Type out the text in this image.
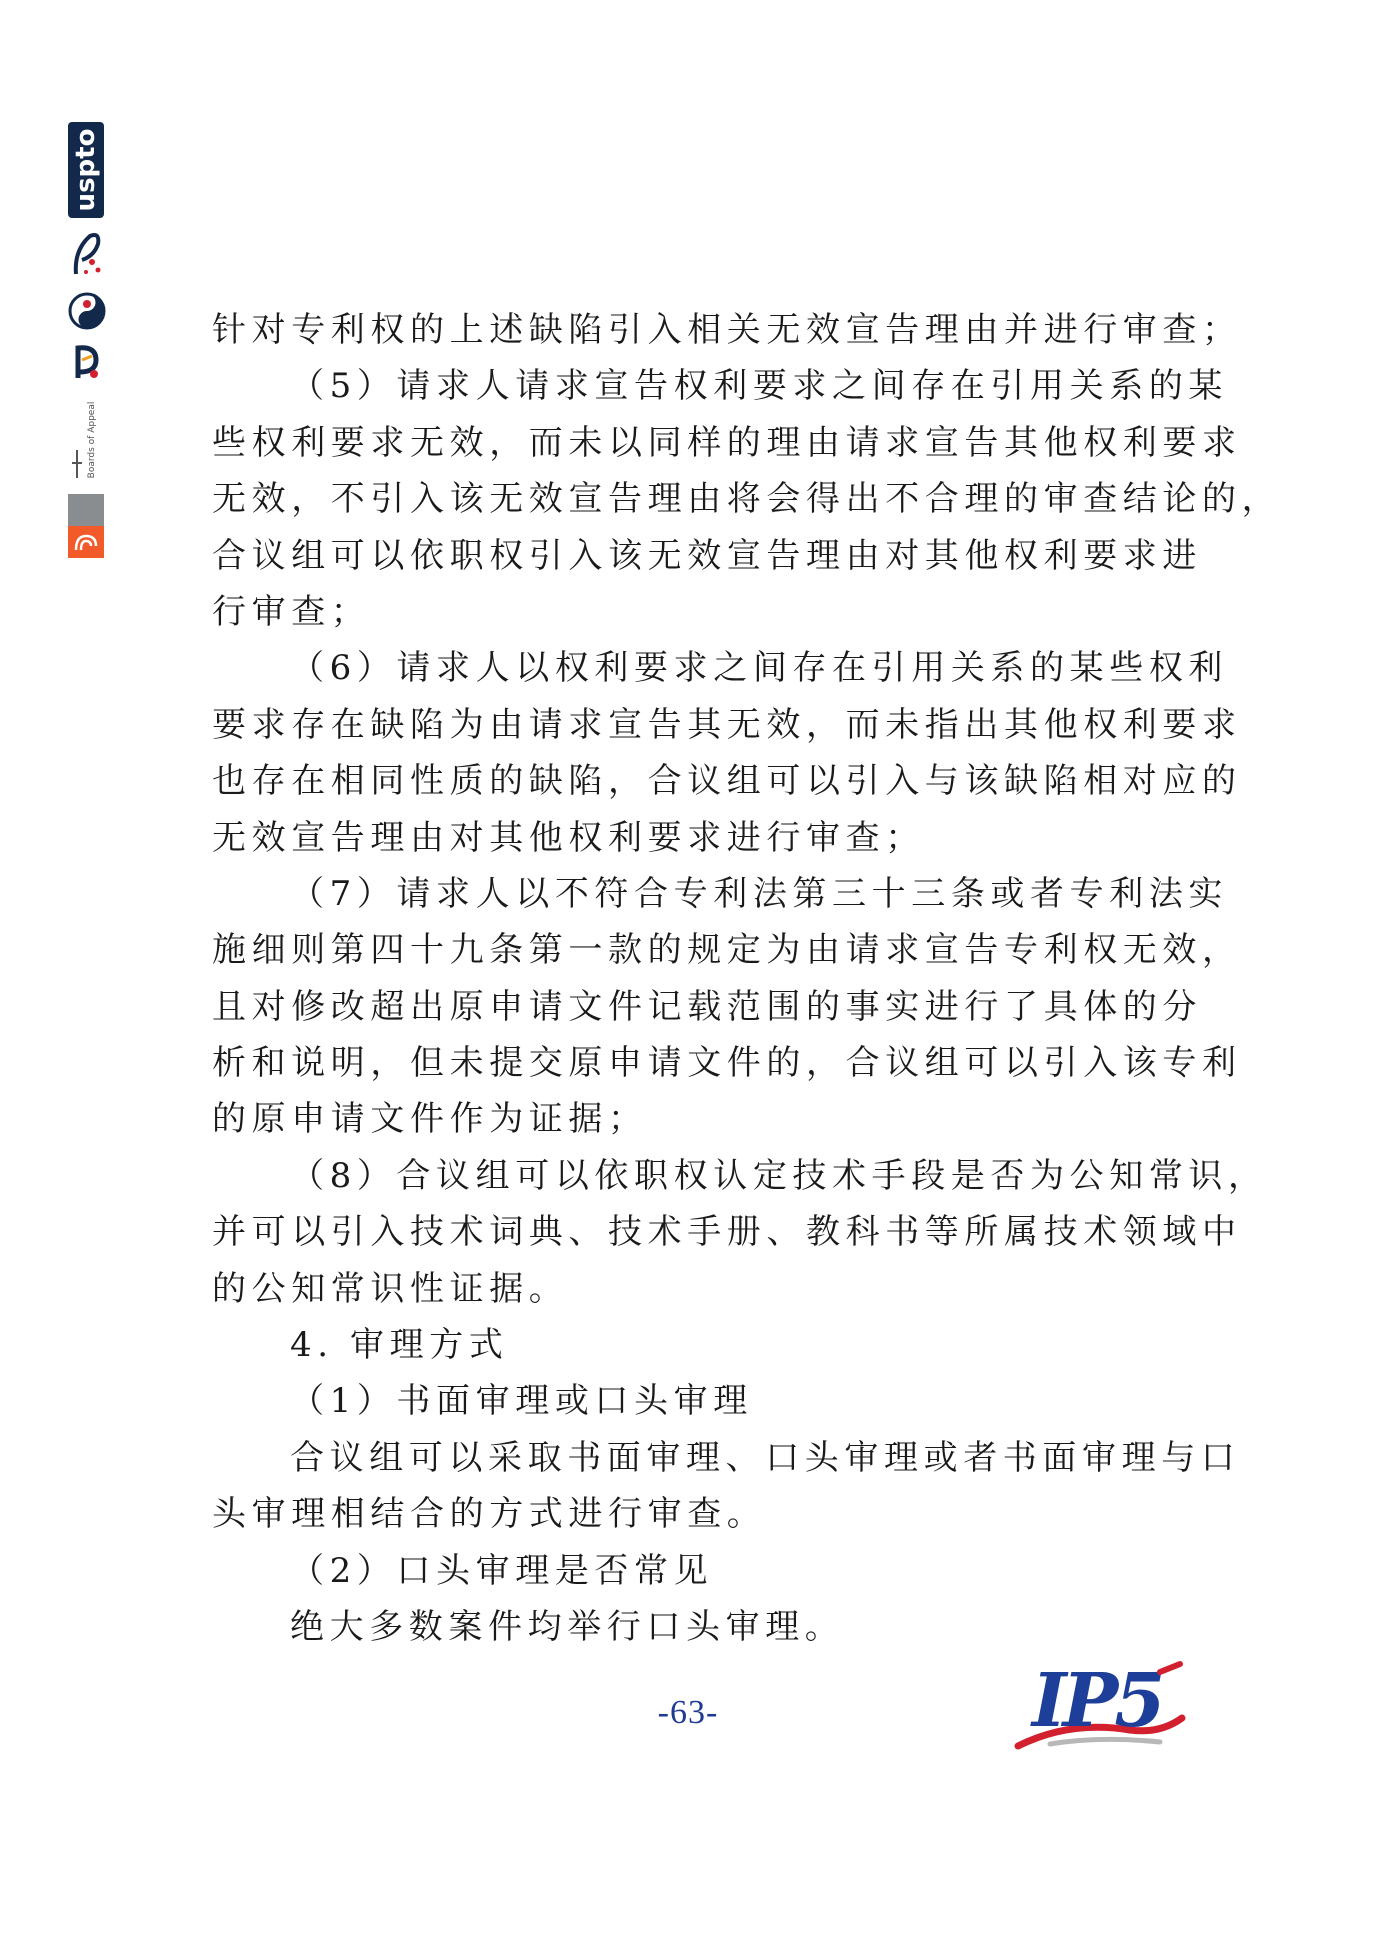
uspto
Boards of Appeal
针对专利权的上述缺陷引入相关无效宣告理由并进行审查；
（5）请求人请求宣告权利要求之间存在引用关系的某
些权利要求无效，而未以同样的理由请求宣告其他权利要求
无效，不引入该无效宣告理由将会得出不合理的审查结论的，
合议组可以依职权引入该无效宣告理由对其他权利要求进
行审查；
（6）请求人以权利要求之间存在引用关系的某些权利
要求存在缺陷为由请求宣告其无效，而未指出其他权利要求
也存在相同性质的缺陷，合议组可以引入与该缺陷相对应的
无效宣告理由对其他权利要求进行审查；
（7）请求人以不符合专利法第三十三条或者专利法实
施细则第四十九条第一款的规定为由请求宣告专利权无效，
且对修改超出原申请文件记载范围的事实进行了具体的分
析和说明，但未提交原申请文件的，合议组可以引入该专利
的原申请文件作为证据；
（8）合议组可以依职权认定技术手段是否为公知常识，
并可以引入技术词典、技术手册、教科书等所属技术领域中
的公知常识性证据。
4. 审理方式
（1）书面审理或口头审理
合议组可以采取书面审理、口头审理或者书面审理与口
头审理相结合的方式进行审查。
（2）口头审理是否常见
绝大多数案件均举行口头审理。
-63-	IP5
